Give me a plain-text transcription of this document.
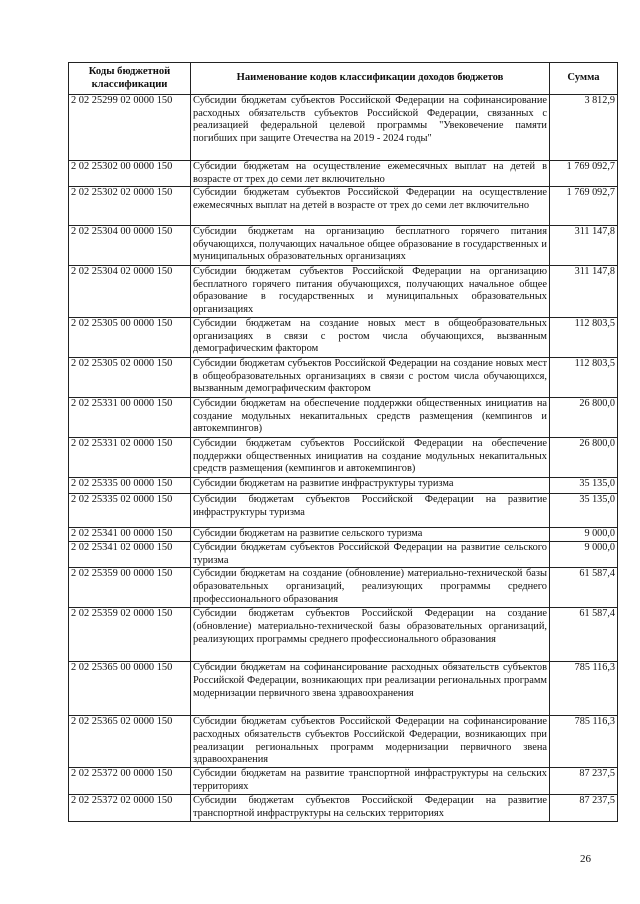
Коды бюджетной классификации	Наименование кодов классификации доходов бюджетов	Сумма
2 02 25299 02 0000 150	Субсидии бюджетам субъектов Российской Федерации на софинансирование расходных обязательств субъектов Российской Федерации, связанных с реализацией федеральной целевой программы "Увековечение памяти погибших при защите Отечества на 2019 - 2024 годы"	3 812,9
2 02 25302 00 0000 150	Субсидии бюджетам на осуществление ежемесячных выплат на детей в возрасте от трех до семи лет включительно	1 769 092,7
2 02 25302 02 0000 150	Субсидии бюджетам субъектов Российской Федерации на осуществление ежемесячных выплат на детей в возрасте от трех до семи лет включительно	1 769 092,7
2 02 25304 00 0000 150	Субсидии бюджетам на организацию бесплатного горячего питания обучающихся, получающих начальное общее образование в государственных и муниципальных образовательных организациях	311 147,8
2 02 25304 02 0000 150	Субсидии бюджетам субъектов Российской Федерации на организацию бесплатного горячего питания обучающихся, получающих начальное общее образование в государственных и муниципальных образовательных организациях	311 147,8
2 02 25305 00 0000 150	Субсидии бюджетам на создание новых мест в общеобразовательных организациях в связи с ростом числа обучающихся, вызванным демографическим фактором	112 803,5
2 02 25305 02 0000 150	Субсидии бюджетам субъектов Российской Федерации на создание новых мест в общеобразовательных организациях в связи с ростом числа обучающихся, вызванным демографическим фактором	112 803,5
2 02 25331 00 0000 150	Субсидии бюджетам на обеспечение поддержки общественных инициатив на создание модульных некапитальных средств размещения (кемпингов и автокемпингов)	26 800,0
2 02 25331 02 0000 150	Субсидии бюджетам субъектов Российской Федерации на обеспечение поддержки общественных инициатив на создание модульных некапитальных средств размещения (кемпингов и автокемпингов)	26 800,0
2 02 25335 00 0000 150	Субсидии бюджетам на развитие инфраструктуры туризма	35 135,0
2 02 25335 02 0000 150	Субсидии бюджетам субъектов Российской Федерации на развитие инфраструктуры туризма	35 135,0
2 02 25341 00 0000 150	Субсидии бюджетам на развитие сельского туризма	9 000,0
2 02 25341 02 0000 150	Субсидии бюджетам субъектов Российской Федерации на развитие сельского туризма	9 000,0
2 02 25359 00 0000 150	Субсидии бюджетам на создание (обновление) материально-технической базы образовательных организаций, реализующих программы среднего профессионального образования	61 587,4
2 02 25359 02 0000 150	Субсидии бюджетам субъектов Российской Федерации на создание (обновление) материально-технической базы образовательных организаций, реализующих программы среднего профессионального образования	61 587,4
2 02 25365 00 0000 150	Субсидии бюджетам на софинансирование расходных обязательств субъектов Российской Федерации, возникающих при реализации региональных программ модернизации первичного звена здравоохранения	785 116,3
2 02 25365 02 0000 150	Субсидии бюджетам субъектов Российской Федерации на софинансирование расходных обязательств субъектов Российской Федерации, возникающих при реализации региональных программ модернизации первичного звена здравоохранения	785 116,3
2 02 25372 00 0000 150	Субсидии бюджетам на развитие транспортной инфраструктуры на сельских территориях	87 237,5
2 02 25372 02 0000 150	Субсидии бюджетам субъектов Российской Федерации на развитие транспортной инфраструктуры на сельских территориях	87 237,5
26
